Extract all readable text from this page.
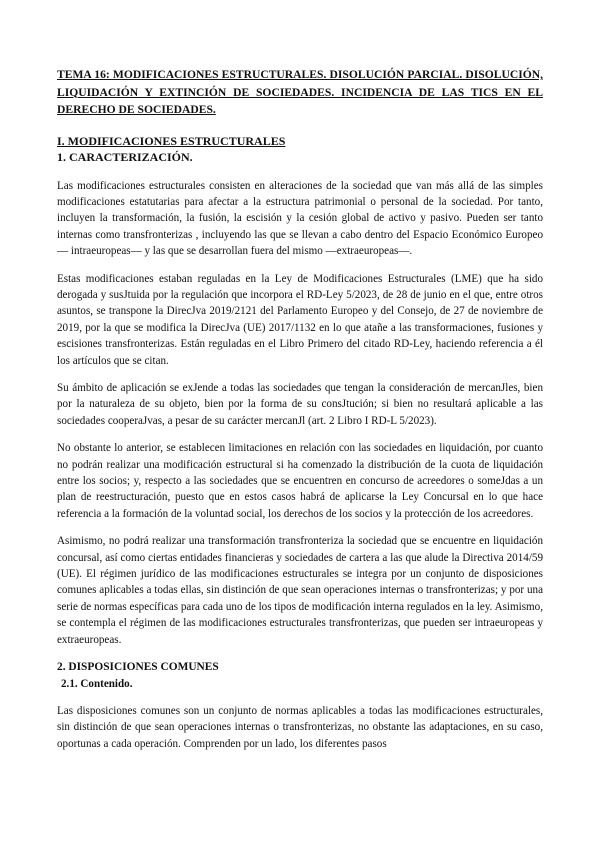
TEMA 16: MODIFICACIONES ESTRUCTURALES. DISOLUCIÓN PARCIAL. DISOLUCIÓN, LIQUIDACIÓN Y EXTINCIÓN DE SOCIEDADES. INCIDENCIA DE LAS TICS EN EL DERECHO DE SOCIEDADES.
I. MODIFICACIONES ESTRUCTURALES
1. CARACTERIZACIÓN.

Las modificaciones estructurales consisten en alteraciones de la sociedad que van más allá de las simples modificaciones estatutarias para afectar a la estructura patrimonial o personal de la sociedad. Por tanto, incluyen la transformación, la fusión, la escisión y la cesión global de activo y pasivo. Pueden ser tanto internas como transfronterizas , incluyendo las que se llevan a cabo dentro del Espacio Económico Europeo — intraeuropeas— y las que se desarrollan fuera del mismo —extraeuropeas—.

Estas modificaciones estaban reguladas en la Ley de Modificaciones Estructurales (LME) que ha sido derogada y susJtuida por la regulación que incorpora el RD-Ley 5/2023, de 28 de junio en el que, entre otros asuntos, se transpone la DirecJva 2019/2121 del Parlamento Europeo y del Consejo, de 27 de noviembre de 2019, por la que se modifica la DirecJva (UE) 2017/1132 en lo que atañe a las transformaciones, fusiones y escisiones transfronterizas. Están reguladas en el Libro Primero del citado RD-Ley, haciendo referencia a él los artículos que se citan.

Su ámbito de aplicación se exJende a todas las sociedades que tengan la consideración de mercanJles, bien por la naturaleza de su objeto, bien por la forma de su consJtución; si bien no resultará aplicable a las sociedades cooperaJvas, a pesar de su carácter mercanJl (art. 2 Libro I RD-L 5/2023).

No obstante lo anterior, se establecen limitaciones en relación con las sociedades en liquidación, por cuanto no podrán realizar una modificación estructural si ha comenzado la distribución de la cuota de liquidación entre los socios; y, respecto a las sociedades que se encuentren en concurso de acreedores o someJdas a un plan de reestructuración, puesto que en estos casos habrá de aplicarse la Ley Concursal en lo que hace referencia a la formación de la voluntad social, los derechos de los socios y la protección de los acreedores.

Asimismo, no podrá realizar una transformación transfronteriza la sociedad que se encuentre en liquidación concursal, así como ciertas entidades financieras y sociedades de cartera a las que alude la Directiva 2014/59 (UE). El régimen jurídico de las modificaciones estructurales se integra por un conjunto de disposiciones comunes aplicables a todas ellas, sin distinción de que sean operaciones internas o transfronterizas; y por una serie de normas específicas para cada uno de los tipos de modificación interna regulados en la ley. Asimismo, se contempla el régimen de las modificaciones estructurales transfronterizas, que pueden ser intraeuropeas y extraeuropeas.

2. DISPOSICIONES COMUNES
2.1. Contenido.

Las disposiciones comunes son un conjunto de normas aplicables a todas las modificaciones estructurales, sin distinción de que sean operaciones internas o transfronterizas, no obstante las adaptaciones, en su caso, oportunas a cada operación. Comprenden por un lado, los diferentes pasos
